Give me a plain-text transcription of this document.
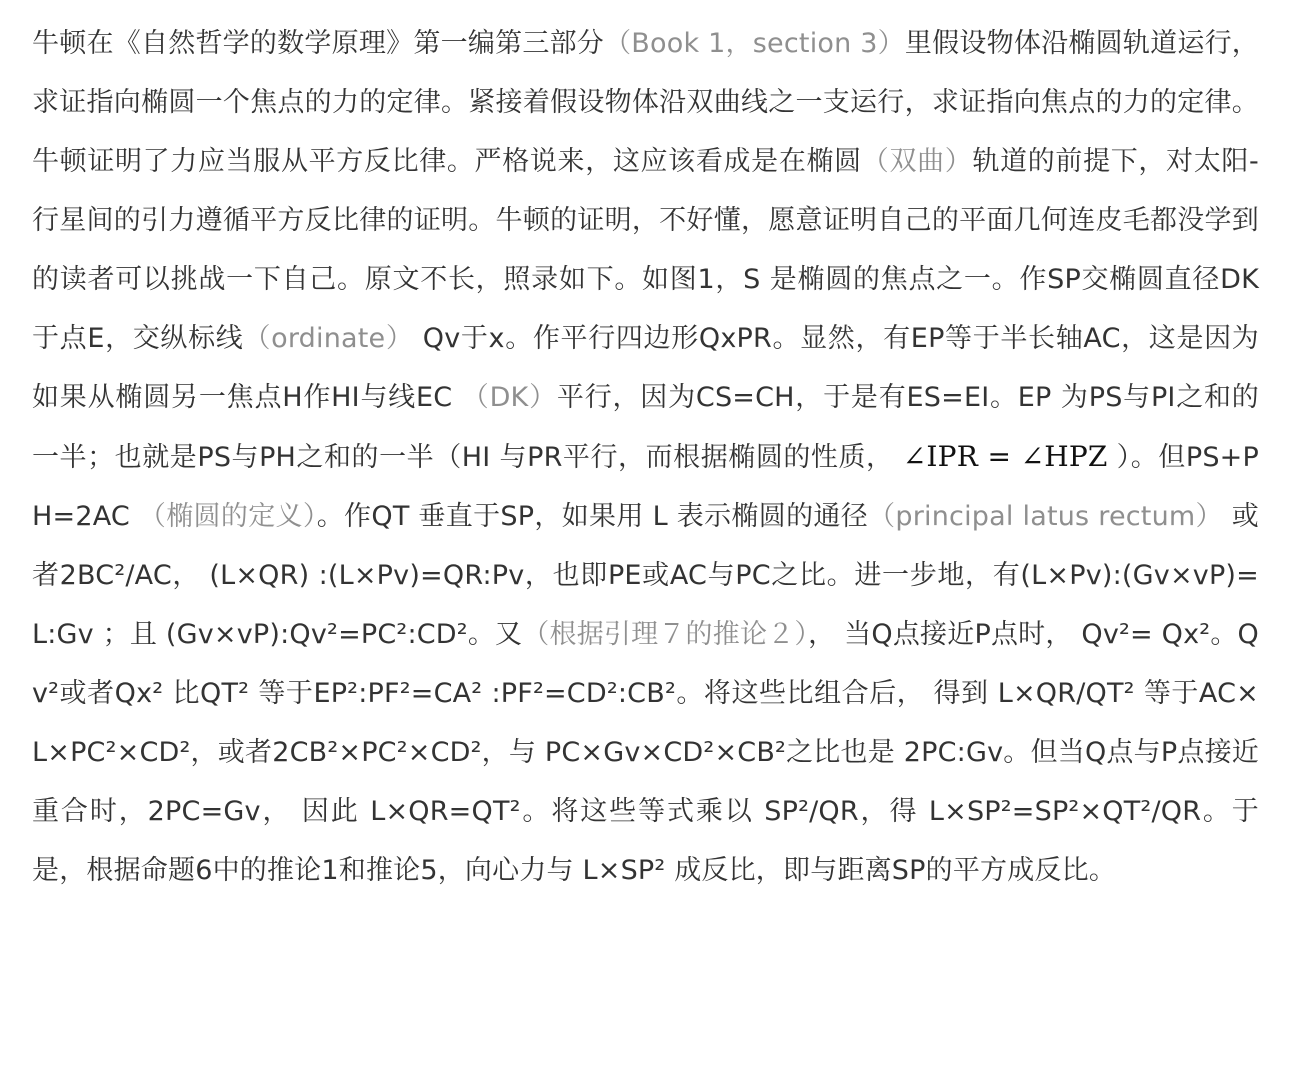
牛顿在《自然哲学的数学原理》第一编第三部分（Book 1，section 3）里假设物体沿椭圆轨道运行，求证指向椭圆一个焦点的力的定律。紧接着假设物体沿双曲线之一支运行，求证指向焦点的力的定律。牛顿证明了力应当服从平方反比律。严格说来，这应该看成是在椭圆（双曲）轨道的前提下，对太阳-行星间的引力遵循平方反比律的证明。牛顿的证明，不好懂，愿意证明自己的平面几何连皮毛都没学到的读者可以挑战一下自己。原文不长，照录如下。如图1，S 是椭圆的焦点之一。作SP交椭圆直径DK于点E，交纵标线（ordinate） Qv于x。作平行四边形QxPR。显然，有EP等于半长轴AC，这是因为如果从椭圆另一焦点H作HI与线EC （DK）平行，因为CS=CH，于是有ES=EI。EP 为PS与PI之和的一半；也就是PS与PH之和的一半（HI 与PR平行，而根据椭圆的性质， ∠IPR = ∠HPZ ）。但PS+PH=2AC （椭圆的定义）。作QT 垂直于SP，如果用 L 表示椭圆的通径（principal latus rectum） 或者2BC²/AC， (L×QR) :(L×Pv)=QR:Pv，也即PE或AC与PC之比。进一步地，有(L×Pv):(Gv×vP)=L:Gv ；且 (Gv×vP):Qv²=PC²:CD²。又（根据引理７的推论２）， 当Q点接近P点时， Qv²= Qx²。Qv²或者Qx² 比QT² 等于EP²:PF²=CA² :PF²=CD²:CB²。将这些比组合后， 得到 L×QR/QT² 等于AC×L×PC²×CD²，或者2CB²×PC²×CD²，与 PC×Gv×CD²×CB²之比也是 2PC:Gv。但当Q点与P点接近重合时，2PC=Gv， 因此 L×QR=QT²。将这些等式乘以 SP²/QR，得 L×SP²=SP²×QT²/QR。于是，根据命题6中的推论1和推论5，向心力与 L×SP² 成反比，即与距离SP的平方成反比。
